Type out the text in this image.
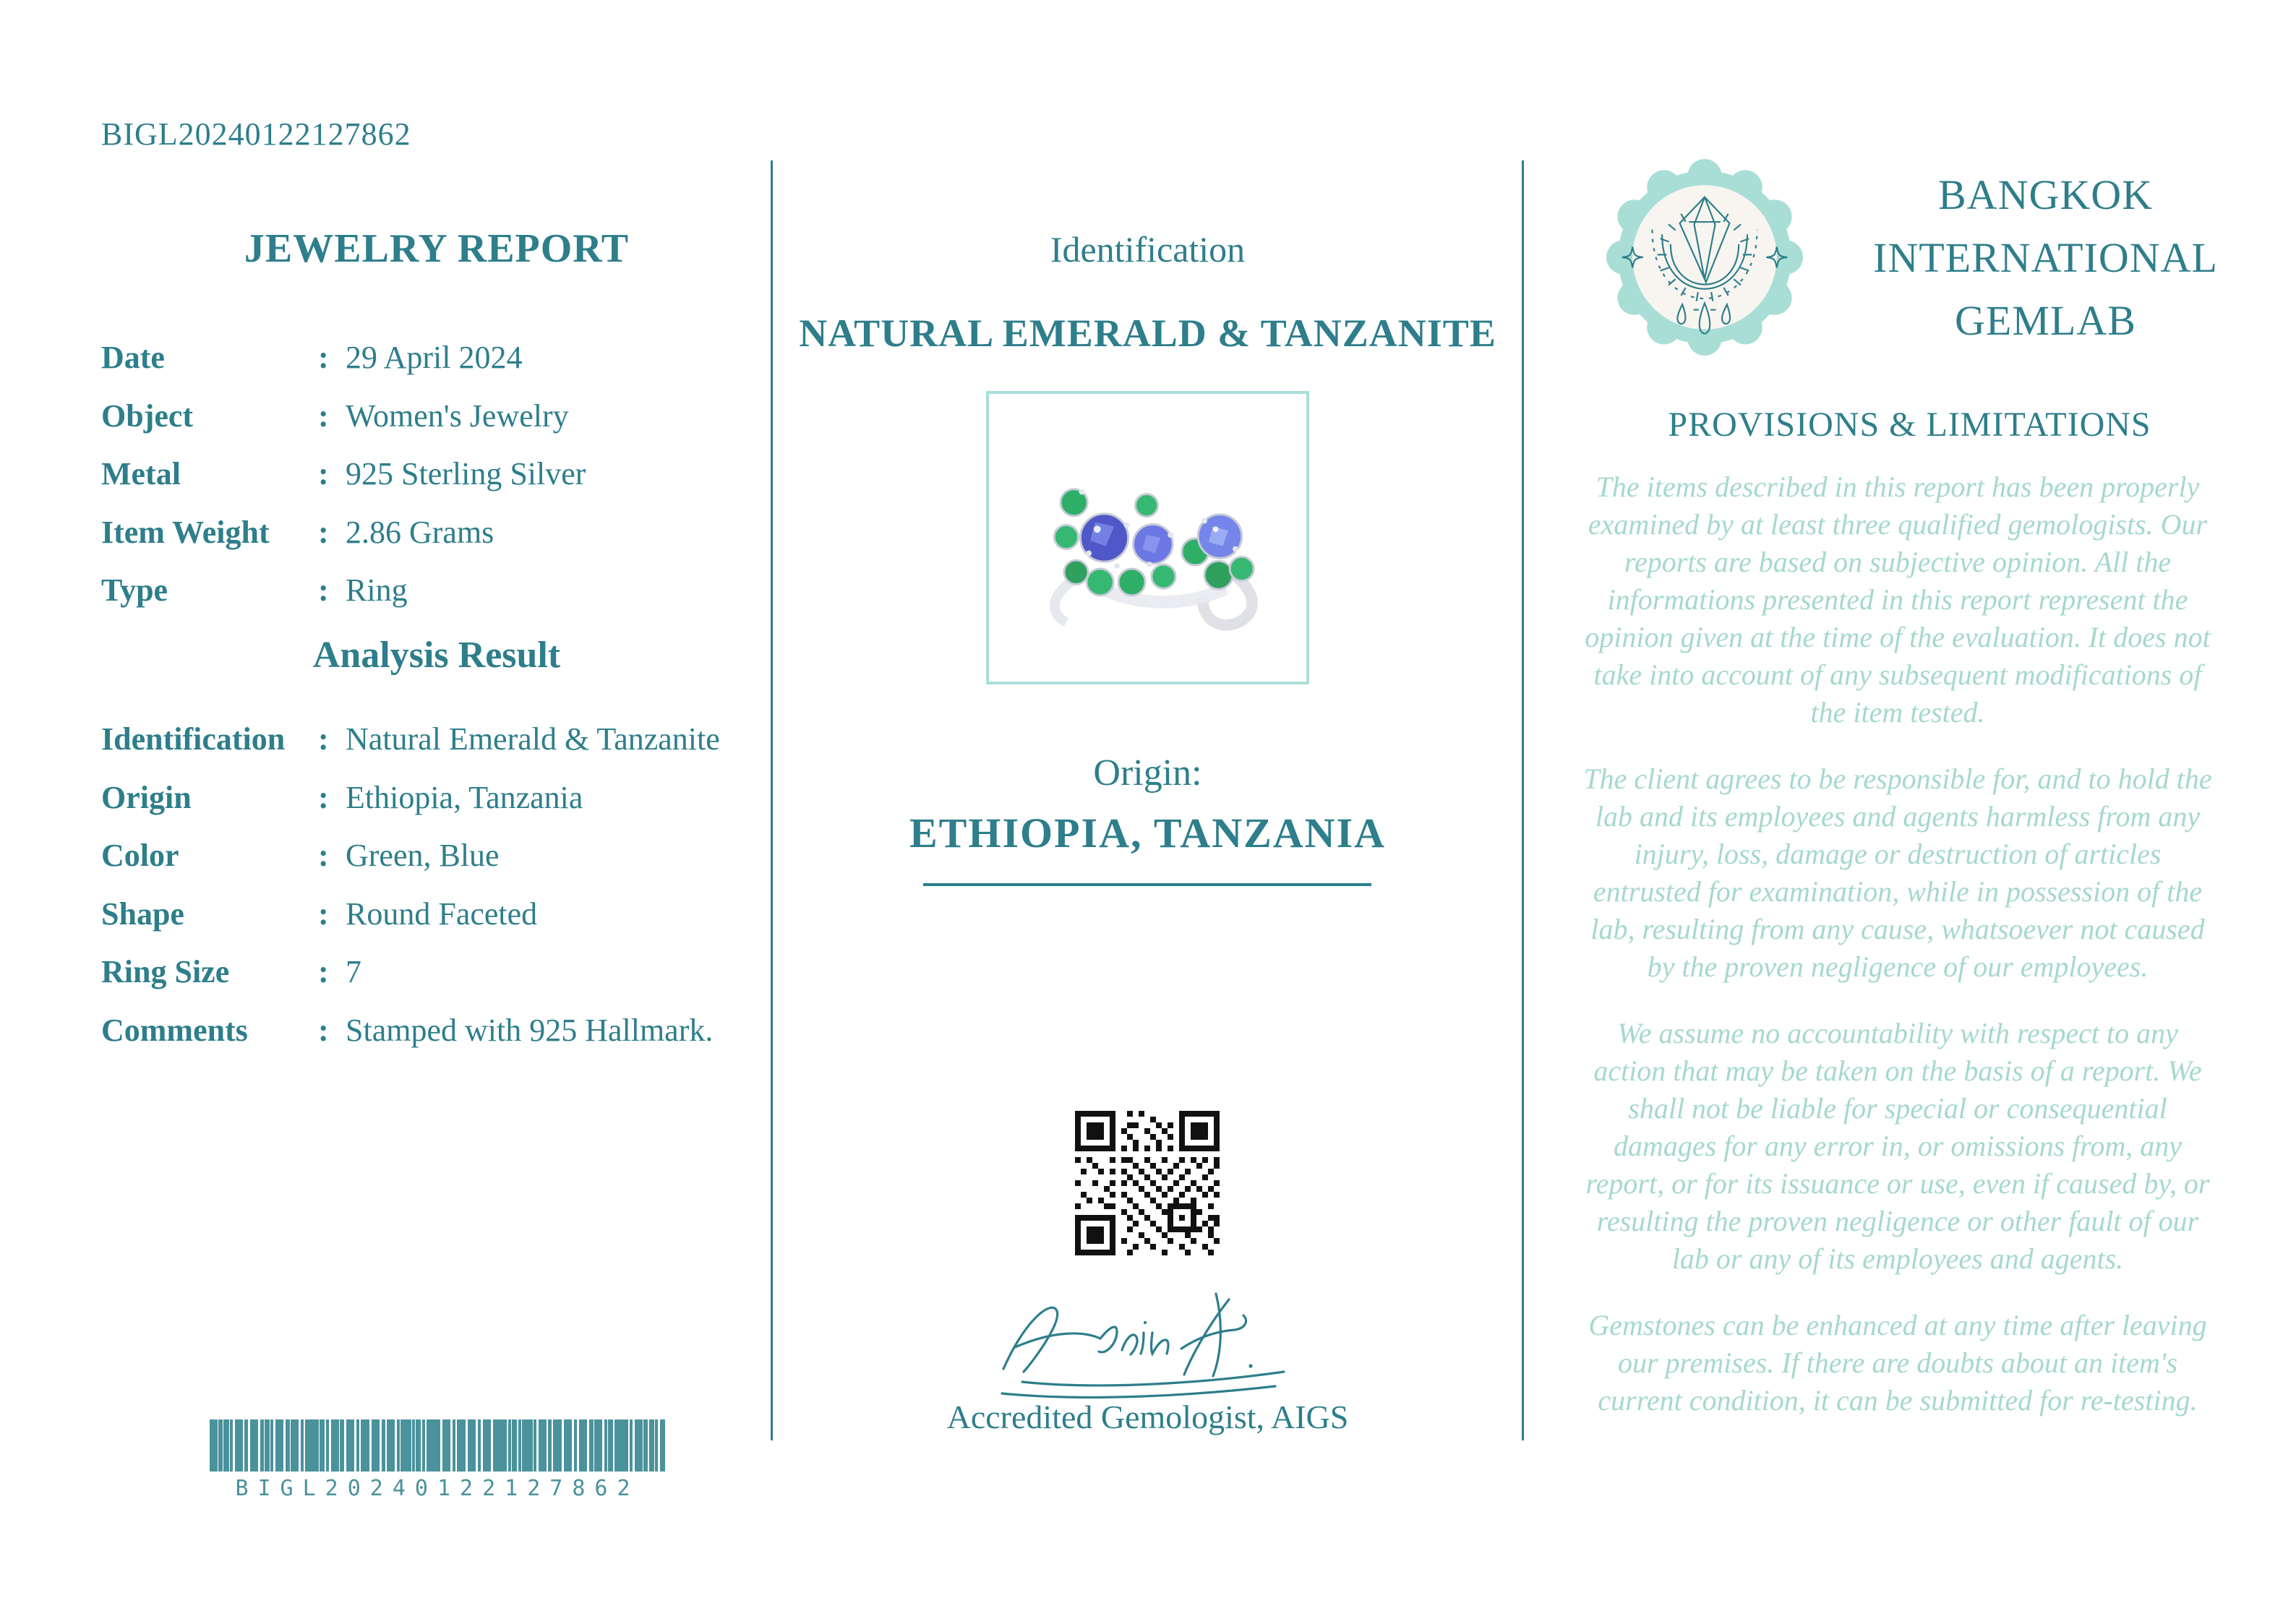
BIGL20240122127862
JEWELRY REPORT
Date	: 29 April 2024
Object	: Women's Jewelry
Metal	: 925 Sterling Silver
Item Weight	: 2.86 Grams
Type	: Ring
Analysis Result
Identification	: Natural Emerald & Tanzanite
Origin	: Ethiopia, Tanzania
Color	: Green, Blue
Shape	: Round Faceted
Ring Size	: 7
Comments	: Stamped with 925 Hallmark.
BIGL20240122127862
Identification
NATURAL EMERALD & TANZANITE
Origin:
ETHIOPIA, TANZANIA
Accredited Gemologist, AIGS
BANGKOK
INTERNATIONAL
GEMLAB
PROVISIONS & LIMITATIONS

The items described in this report has been properly examined by at least three qualified gemologists. Our reports are based on subjective opinion. All the informations presented in this report represent the opinion given at the time of the evaluation. It does not take into account of any subsequent modifications of the item tested.

The client agrees to be responsible for, and to hold the lab and its employees and agents harmless from any injury, loss, damage or destruction of articles entrusted for examination, while in possession of the lab, resulting from any cause, whatsoever not caused by the proven negligence of our employees.

We assume no accountability with respect to any action that may be taken on the basis of a report. We shall not be liable for special or consequential damages for any error in, or omissions from, any report, or for its issuance or use, even if caused by, or resulting the proven negligence or other fault of our lab or any of its employees and agents.

Gemstones can be enhanced at any time after leaving our premises. If there are doubts about an item's current condition, it can be submitted for re-testing.
